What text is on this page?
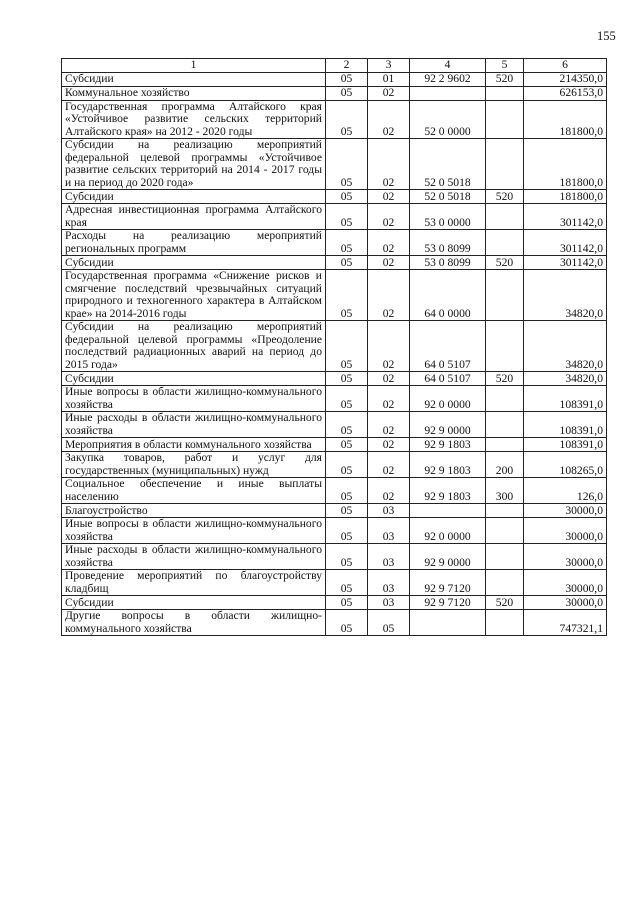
155
1	2	3	4	5	6
Субсидии	05	01	92 2 9602	520	214350,0
Коммунальное хозяйство	05	02			626153,0
Государственная программа Алтайского края «Устойчивое развитие сельских территорий Алтайского края» на 2012 - 2020 годы	05	02	52 0 0000		181800,0
Субсидии на реализацию мероприятий федеральной целевой программы «Устойчивое развитие сельских территорий на 2014 - 2017 годы и на период до 2020 года»	05	02	52 0 5018		181800,0
Субсидии	05	02	52 0 5018	520	181800,0
Адресная инвестиционная программа Алтайского края	05	02	53 0 0000		301142,0
Расходы на реализацию мероприятий региональных программ	05	02	53 0 8099		301142,0
Субсидии	05	02	53 0 8099	520	301142,0
Государственная программа «Снижение рисков и смягчение последствий чрезвычайных ситуаций природного и техногенного характера в Алтайском крае» на 2014-2016 годы	05	02	64 0 0000		34820,0
Субсидии на реализацию мероприятий федеральной целевой программы «Преодоление последствий радиационных аварий на период до 2015 года»	05	02	64 0 5107		34820,0
Субсидии	05	02	64 0 5107	520	34820,0
Иные вопросы в области жилищно-коммунального хозяйства	05	02	92 0 0000		108391,0
Иные расходы в области жилищно-коммунального хозяйства	05	02	92 9 0000		108391,0
Мероприятия в области коммунального хозяйства	05	02	92 9 1803		108391,0
Закупка товаров, работ и услуг для государственных (муниципальных) нужд	05	02	92 9 1803	200	108265,0
Социальное обеспечение и иные выплаты населению	05	02	92 9 1803	300	126,0
Благоустройство	05	03			30000,0
Иные вопросы в области жилищно-коммунального хозяйства	05	03	92 0 0000		30000,0
Иные расходы в области жилищно-коммунального хозяйства	05	03	92 9 0000		30000,0
Проведение мероприятий по благоустройству кладбищ	05	03	92 9 7120		30000,0
Субсидии	05	03	92 9 7120	520	30000,0
Другие вопросы в области жилищно-коммунального хозяйства	05	05			747321,1
